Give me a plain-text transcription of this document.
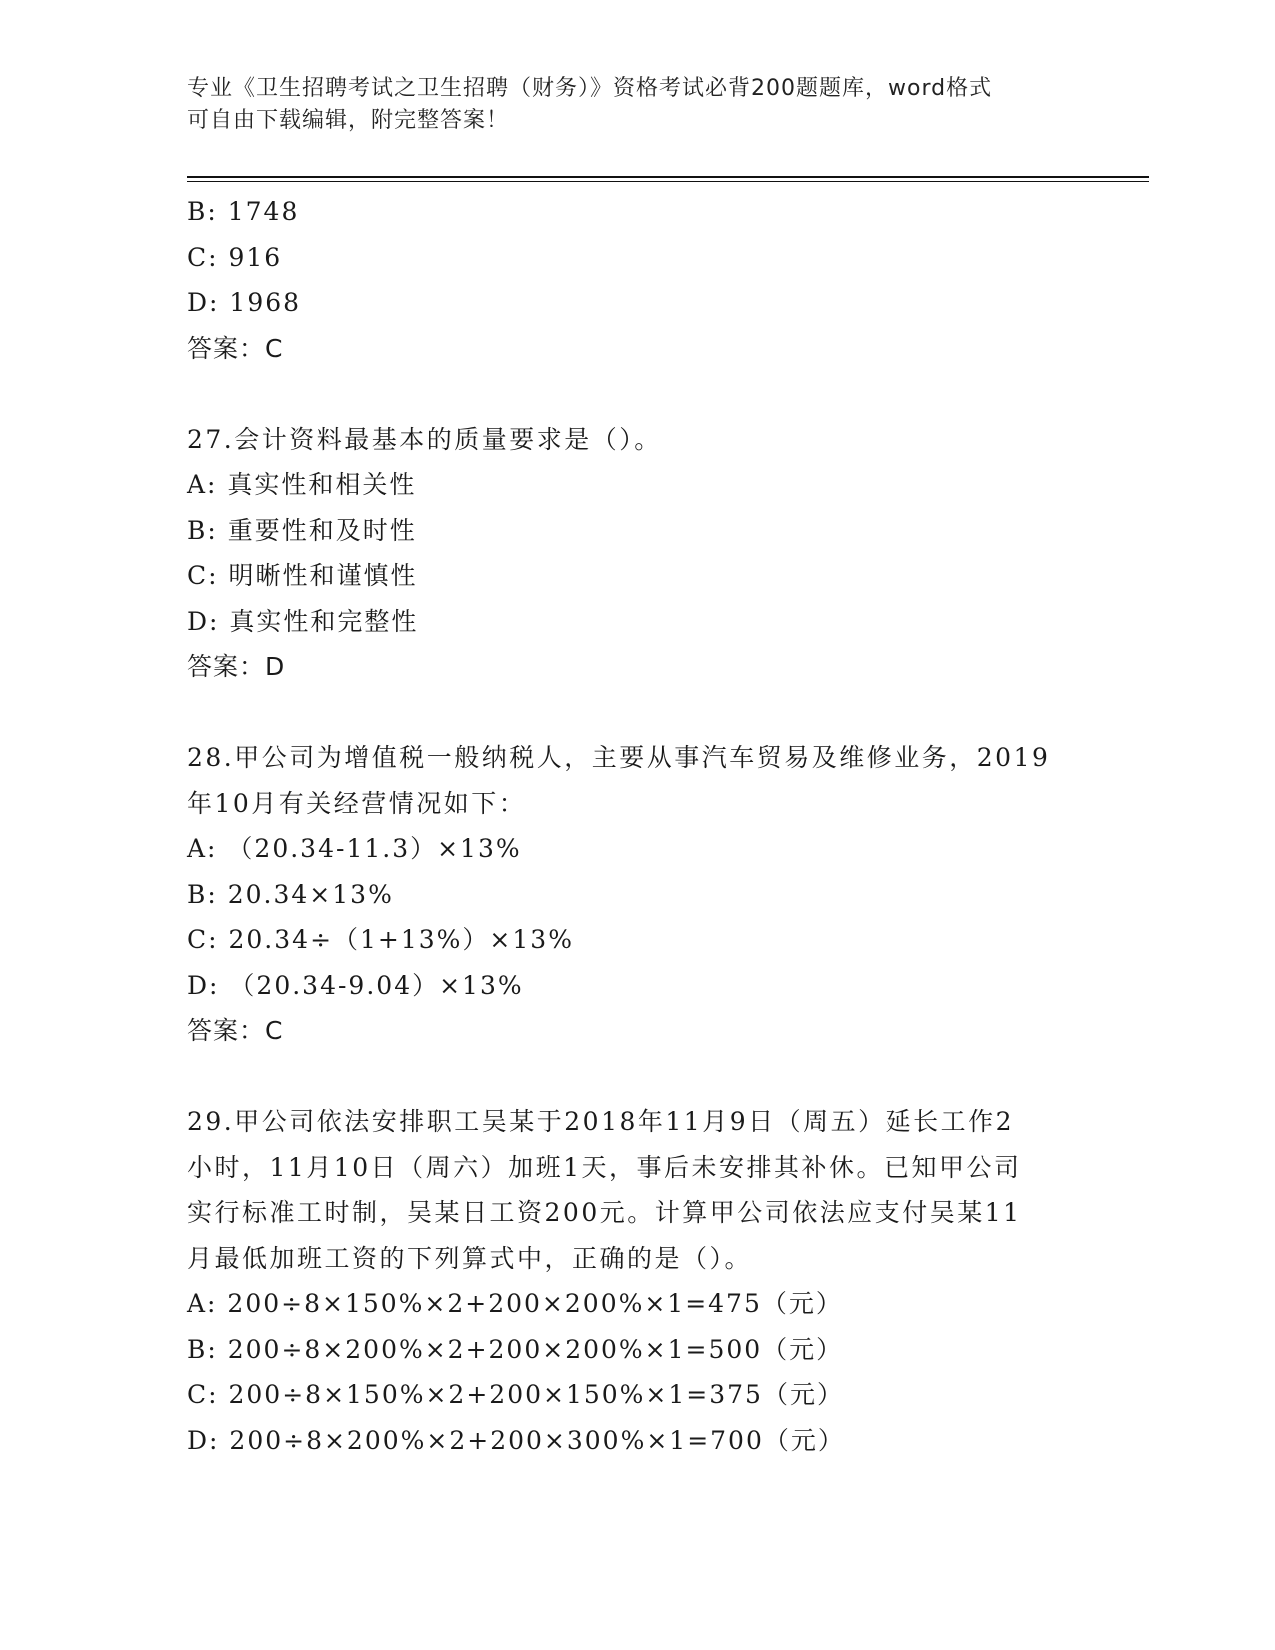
专业《卫生招聘考试之卫生招聘（财务）》资格考试必背200题题库，word格式
可自由下载编辑，附完整答案！
B: 1748
C: 916
D: 1968
答案：C
27.会计资料最基本的质量要求是（）。
A: 真实性和相关性
B: 重要性和及时性
C: 明晰性和谨慎性
D: 真实性和完整性
答案：D
28.甲公司为增值税一般纳税人，主要从事汽车贸易及维修业务，2019
年10月有关经营情况如下：
A: （20.34-11.3）×13%
B: 20.34×13%
C: 20.34÷（1+13%）×13%
D: （20.34-9.04）×13%
答案：C
29.甲公司依法安排职工吴某于2018年11月9日（周五）延长工作2
小时，11月10日（周六）加班1天，事后未安排其补休。已知甲公司
实行标准工时制，吴某日工资200元。计算甲公司依法应支付吴某11
月最低加班工资的下列算式中，正确的是（）。
A: 200÷8×150%×2+200×200%×1=475（元）
B: 200÷8×200%×2+200×200%×1=500（元）
C: 200÷8×150%×2+200×150%×1=375（元）
D: 200÷8×200%×2+200×300%×1=700（元）
